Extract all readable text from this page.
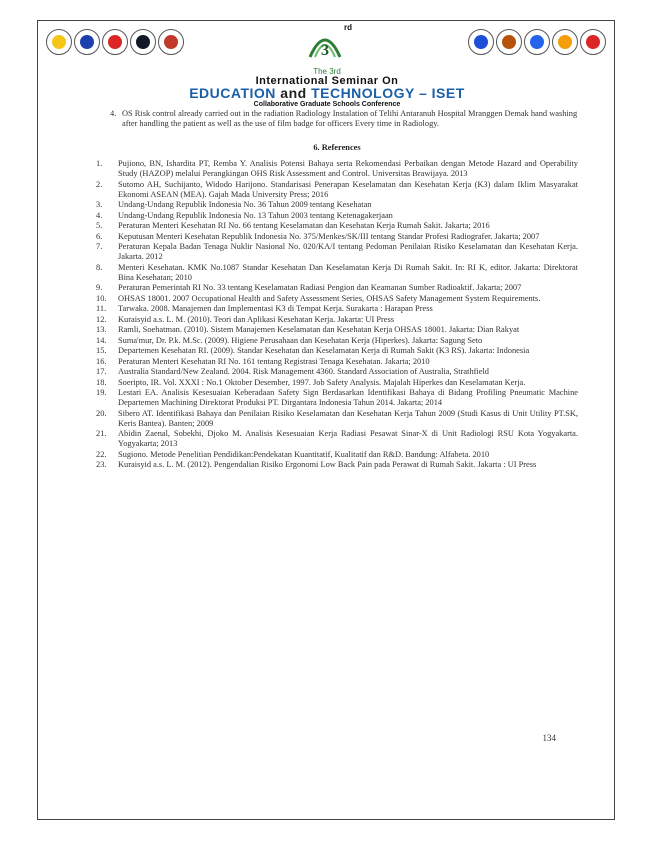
3
rd
The 3rd
International Seminar On
EDUCATION and TECHNOLOGY – ISET
Collaborative Graduate Schools Conference
4. OS Risk control already carried out in the radiation Radiology Instalation of Telihi Antaranuh Hospital Mranggen Demak hand washing after handling the patient as well as the use of film badge for officers Every time in Radiology.
6. References
1.	Pujiono, BN, Ishardita PT, Remba Y. Analisis Potensi Bahaya serta Rekomendasi Perbaikan dengan Metode Hazard and Operability Study (HAZOP) melalui Perangkingan OHS Risk Assessment and Control. Universitas Brawijaya. 2013
2.	Sutomo AH, Suchijanto, Widodo Harijono. Standarisasi Penerapan Keselamatan dan Kesehatan Kerja (K3) dalam Iklim Masyarakat Ekonomi ASEAN (MEA). Gajah Mada University Press; 2016
3.	Undang-Undang Republik Indonesia No. 36 Tahun 2009 tentang Kesehatan
4.	Undang-Undang Republik Indonesia No. 13 Tahun 2003 tentang Ketenagakerjaan
5.	Peraturan Menteri Kesehatan RI No. 66 tentang Keselamatan dan Kesehatan Kerja Rumah Sakit. Jakarta; 2016
6.	Keputusan Menteri Kesehatan Republik Indonesia No. 375/Menkes/SK/III tentang Standar Profesi Radiografer. Jakarta; 2007
7.	Peraturan Kepala Badan Tenaga Nuklir Nasional No. 020/KA/I tentang Pedoman Penilaian Risiko Keselamatan dan Kesehatan Kerja. Jakarta. 2012
8.	Menteri Kesehatan. KMK No.1087 Standar Kesehatan Dan Keselamatan Kerja Di Rumah Sakit. In: RI K, editor. Jakarta: Direktorat Bina Kesehatan; 2010
9.	Peraturan Pemerintah RI No. 33 tentang Keselamatan Radiasi Pengion dan Keamanan Sumber Radioaktif. Jakarta; 2007
10.	OHSAS 18001. 2007 Occupational Health and Safety Assessment Series, OHSAS Safety Management System Requirements.
11.	Tarwaka. 2008. Manajemen dan Implementasi K3 di Tempat Kerja. Surakarta : Harapan Press
12.	Kuraisyid a.s. L. M. (2010). Teori dan Aplikasi Kesehatan Kerja. Jakarta: UI Press
13.	Ramli, Soehatman. (2010). Sistem Manajemen Keselamatan dan Kesehatan Kerja OHSAS 18001. Jakarta: Dian Rakyat
14.	Suma'mur, Dr. P.k. M.Sc. (2009). Higiene Perusahaan dan Kesehatan Kerja (Hiperkes). Jakarta: Sagung Seto
15.	Departemen Kesehatan RI. (2009). Standar Kesehatan dan Keselamatan Kerja di Rumah Sakit (K3 RS). Jakarta: Indonesia
16.	Peraturan Menteri Kesehatan RI No. 161 tentang Registrasi Tenaga Kesehatan. Jakarta; 2010
17.	Australia Standard/New Zealand. 2004. Risk Management 4360. Standard Association of Australia, Strathfield
18.	Soeripto, IR. Vol. XXXI : No.1 Oktober Desember, 1997. Job Safety Analysis. Majalah Hiperkes dan Keselamatan Kerja.
19.	Lestari EA. Analisis Kesesuaian Keberadaan Safety Sign Berdasarkan Identifikasi Bahaya di Bidang Profiling Pneumatic Machine Departemen Machining Direktorat Produksi PT. Dirgantara Indonesia Tahun 2014. Jakarta; 2014
20.	Sibero AT. Identifikasi Bahaya dan Penilaian Risiko Keselamatan dan Kesehatan Kerja Tahun 2009 (Studi Kasus di Unit Utility PT.SK, Keris Bantea). Banten; 2009
21.	Abidin Zaenal, Sobekhi, Djoko M. Analisis Kesesuaian Kerja Radiasi Pesawat Sinar-X di Unit Radiologi RSU Kota Yogyakarta. Yogyakarta; 2013
22.	Sugiono. Metode Penelitian Pendidikan:Pendekatan Kuantitatif, Kualitatif dan R&D. Bandung: Alfabeta. 2010
23.	Kuraisyid a.s. L. M. (2012). Pengendalian Risiko Ergonomi Low Back Pain pada Perawat di Rumah Sakit. Jakarta : UI Press
134
